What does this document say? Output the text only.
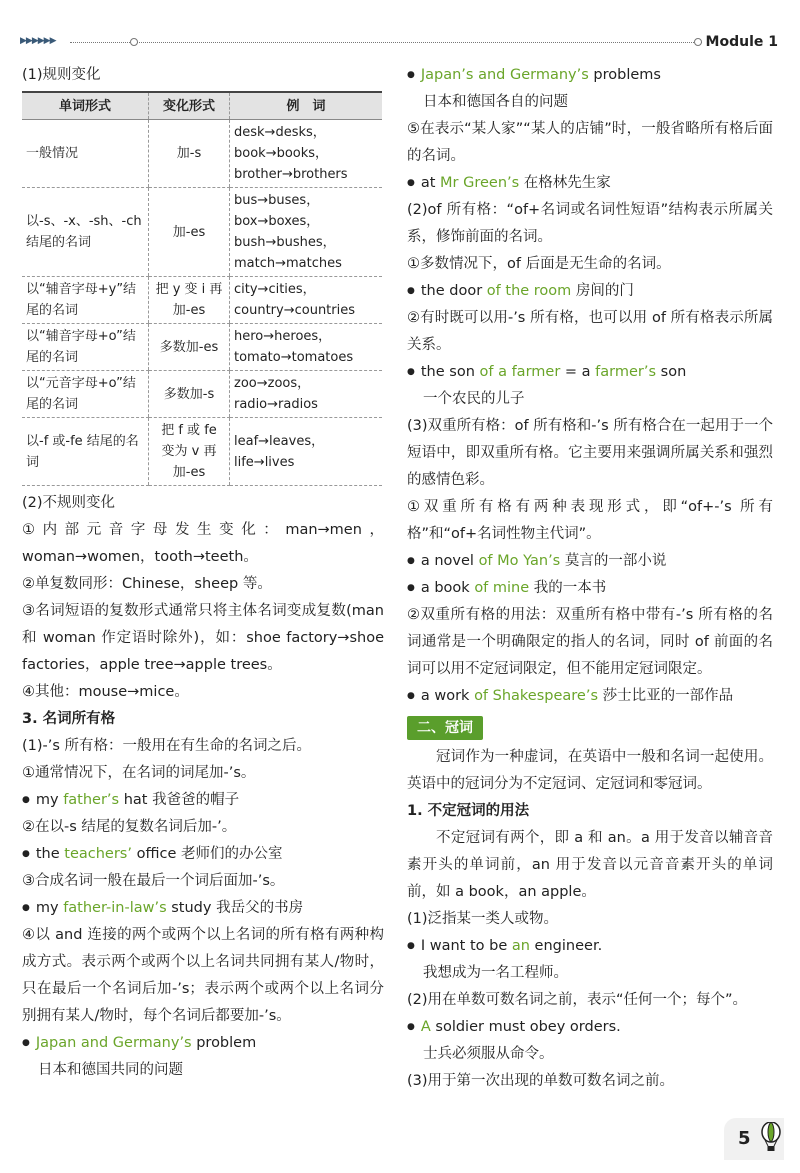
▶▶▶▶▶▶	Module 1

(1)规则变化

单词形式	变化形式	例　词
一般情况	加-s	desk→desks，
book→books，
brother→brothers

以-s、-x、-sh、-ch结尾的名词	加-es	bus→buses，
box→boxes，
bush→bushes，
match→matches

以“辅音字母+y”结尾的名词	把 y 变 i 再加-es	city→cities，
country→countries

以“辅音字母+o”结尾的名词	多数加-es	hero→heroes，
tomato→tomatoes

以“元音字母+o”结尾的名词	多数加-s	zoo→zoos，
radio→radios

以-f 或-fe 结尾的名词	把 f 或 fe 变为 v 再加-es	leaf→leaves，
life→lives

(2)不规则变化

①内部元音字母发生变化：man→men，woman→women，tooth→teeth。

②单复数同形：Chinese，sheep 等。

③名词短语的复数形式通常只将主体名词变成复数(man 和 woman 作定语时除外)，如：shoe factory→shoe factories，apple tree→apple trees。

④其他：mouse→mice。

3. 名词所有格

(1)-’s 所有格：一般用在有生命的名词之后。

①通常情况下，在名词的词尾加-’s。

● my father’s hat 我爸爸的帽子

②在以-s 结尾的复数名词后加-’。

● the teachers’ office 老师们的办公室

③合成名词一般在最后一个词后面加-’s。

● my father-in-law’s study 我岳父的书房

④以 and 连接的两个或两个以上名词的所有格有两种构成方式。表示两个或两个以上名词共同拥有某人/物时，只在最后一个名词后加-’s；表示两个或两个以上名词分别拥有某人/物时，每个名词后都要加-’s。

● Japan and Germany’s problem

日本和德国共同的问题

● Japan’s and Germany’s problems

日本和德国各自的问题

⑤在表示“某人家”“某人的店铺”时，一般省略所有格后面的名词。

● at Mr Green’s 在格林先生家

(2)of 所有格：“of+名词或名词性短语”结构表示所属关系，修饰前面的名词。

①多数情况下，of 后面是无生命的名词。

● the door of the room 房间的门

②有时既可以用-’s 所有格，也可以用 of 所有格表示所属关系。

● the son of a farmer = a farmer’s son

一个农民的儿子

(3)双重所有格：of 所有格和-’s 所有格合在一起用于一个短语中，即双重所有格。它主要用来强调所属关系和强烈的感情色彩。

①双重所有格有两种表现形式，即“of+-’s 所有格”和“of+名词性物主代词”。

● a novel of Mo Yan’s 莫言的一部小说

● a book of mine 我的一本书

②双重所有格的用法：双重所有格中带有-’s 所有格的名词通常是一个明确限定的指人的名词，同时 of 前面的名词可以用不定冠词限定，但不能用定冠词限定。

● a work of Shakespeare’s 莎士比亚的一部作品

二、冠词

冠词作为一种虚词，在英语中一般和名词一起使用。英语中的冠词分为不定冠词、定冠词和零冠词。

1. 不定冠词的用法

不定冠词有两个，即 a 和 an。a 用于发音以辅音音素开头的单词前，an 用于发音以元音音素开头的单词前，如 a book，an apple。

(1)泛指某一类人或物。

● I want to be an engineer.

我想成为一名工程师。

(2)用在单数可数名词之前，表示“任何一个；每个”。

● A soldier must obey orders.

士兵必须服从命令。

(3)用于第一次出现的单数可数名词之前。

5
